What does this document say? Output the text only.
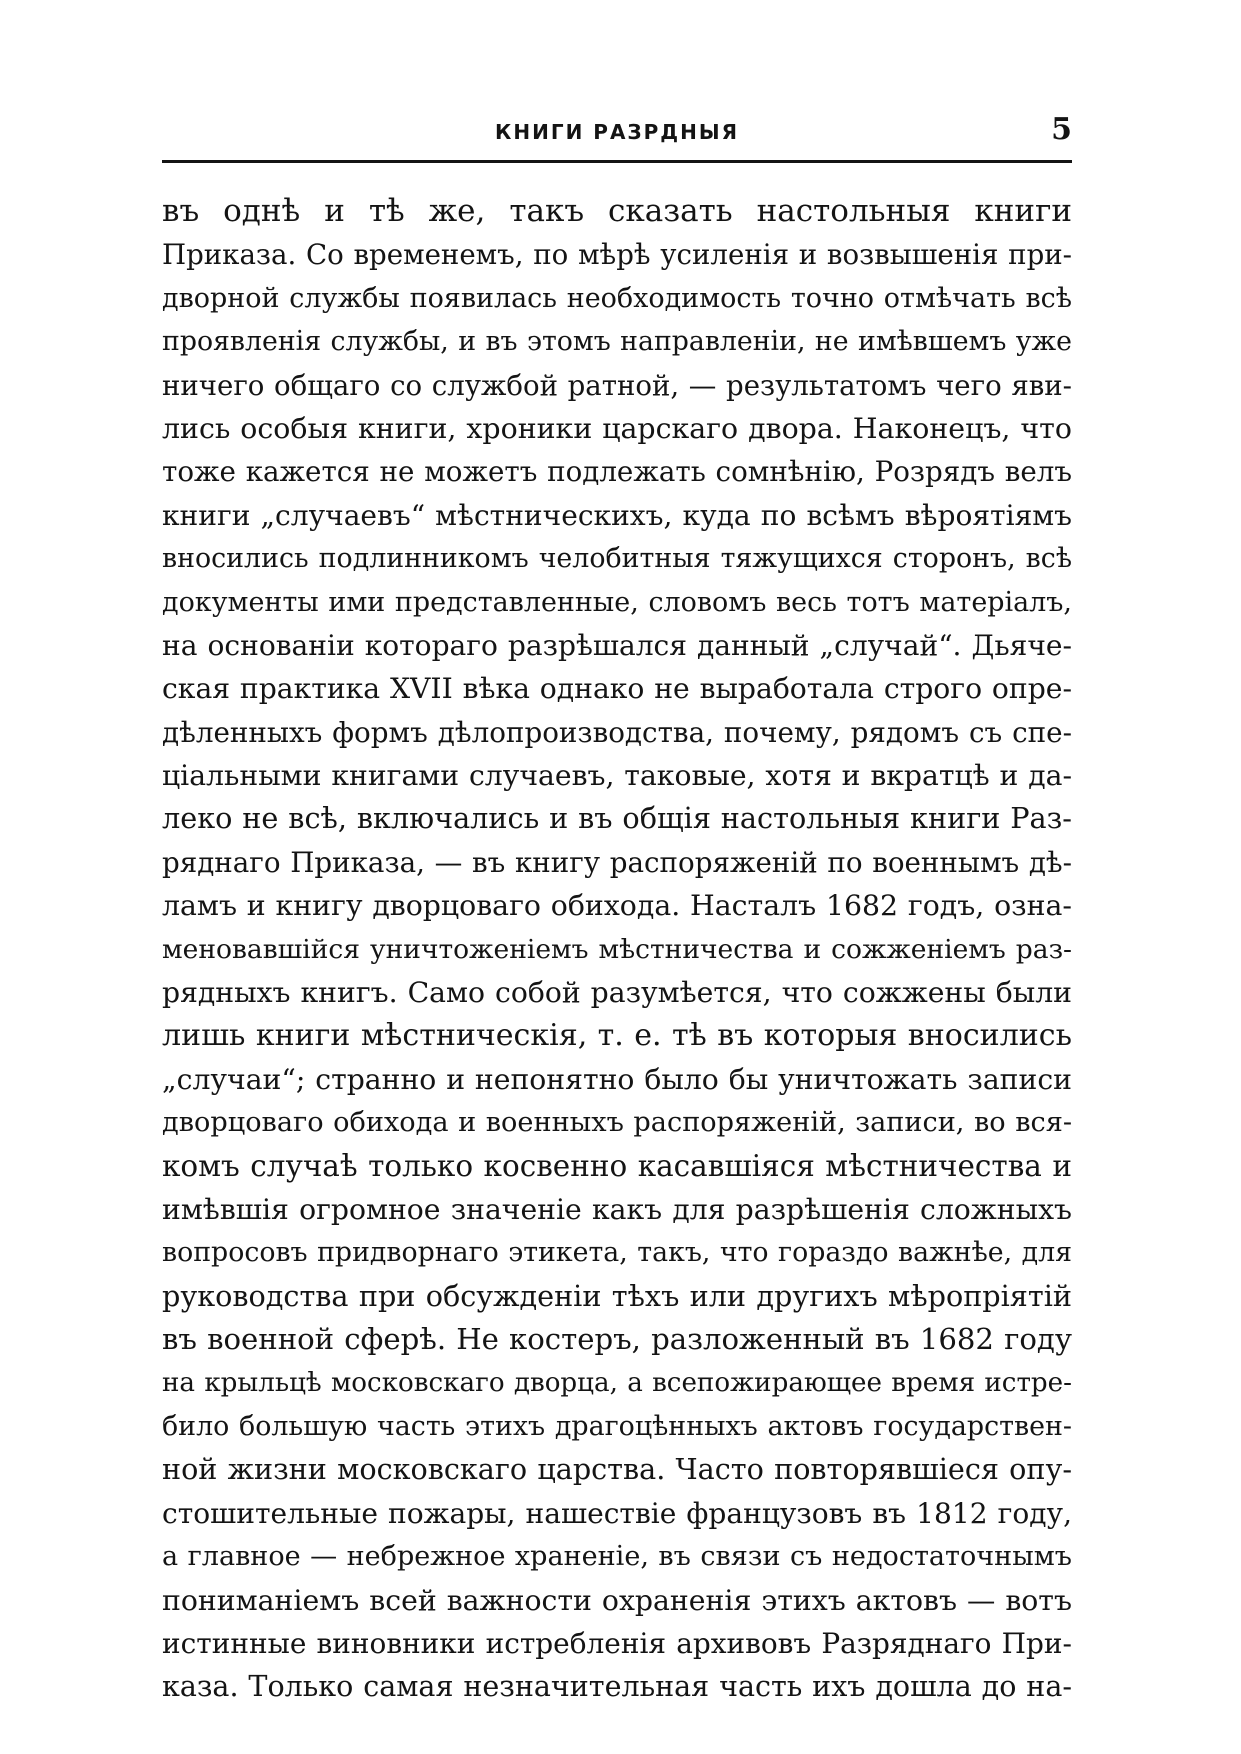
КНИГИ РАЗРДНЫЯ	5
въ однѣ и тѣ же, такъ сказать настольныя книги
Приказа. Со временемъ, по мѣрѣ усиленія и возвышенія при-
дворной службы появилась необходимость точно отмѣчать всѣ
проявленія службы, и въ этомъ направленіи, не имѣвшемъ уже
ничего общаго со службой ратной, — результатомъ чего яви-
лись особыя книги, хроники царскаго двора. Наконецъ, что
тоже кажется не можетъ подлежать сомнѣнію, Розрядъ велъ
книги „случаевъ“ мѣстническихъ, куда по всѣмъ вѣроятіямъ
вносились подлинникомъ челобитныя тяжущихся сторонъ, всѣ
документы ими представленные, словомъ весь тотъ матеріалъ,
на основаніи котораго разрѣшался данный „случай“. Дьяче-
ская практика XVII вѣка однако не выработала строго опре-
дѣленныхъ формъ дѣлопроизводства, почему, рядомъ съ спе-
ціальными книгами случаевъ, таковые, хотя и вкратцѣ и да-
леко не всѣ, включались и въ общія настольныя книги Раз-
ряднаго Приказа, — въ книгу распоряженій по военнымъ дѣ-
ламъ и книгу дворцоваго обихода. Насталъ 1682 годъ, озна-
меновавшійся уничтоженіемъ мѣстничества и сожженіемъ раз-
рядныхъ книгъ. Само собой разумѣется, что сожжены были
лишь книги мѣстническія, т. е. тѣ въ которыя вносились
„случаи“; странно и непонятно было бы уничтожать записи
дворцоваго обихода и военныхъ распоряженій, записи, во вся-
комъ случаѣ только косвенно касавшіяся мѣстничества и
имѣвшія огромное значеніе какъ для разрѣшенія сложныхъ
вопросовъ придворнаго этикета, такъ, что гораздо важнѣе, для
руководства при обсужденіи тѣхъ или другихъ мѣропріятій
въ военной сферѣ. Не костеръ, разложенный въ 1682 году
на крыльцѣ московскаго дворца, а всепожирающее время истре-
било большую часть этихъ драгоцѣнныхъ актовъ государствен-
ной жизни московскаго царства. Часто повторявшіеся опу-
стошительные пожары, нашествіе французовъ въ 1812 году,
а главное — небрежное храненіе, въ связи съ недостаточнымъ
пониманіемъ всей важности охраненія этихъ актовъ — вотъ
истинные виновники истребленія архивовъ Разряднаго При-
каза. Только самая незначительная часть ихъ дошла до на-
